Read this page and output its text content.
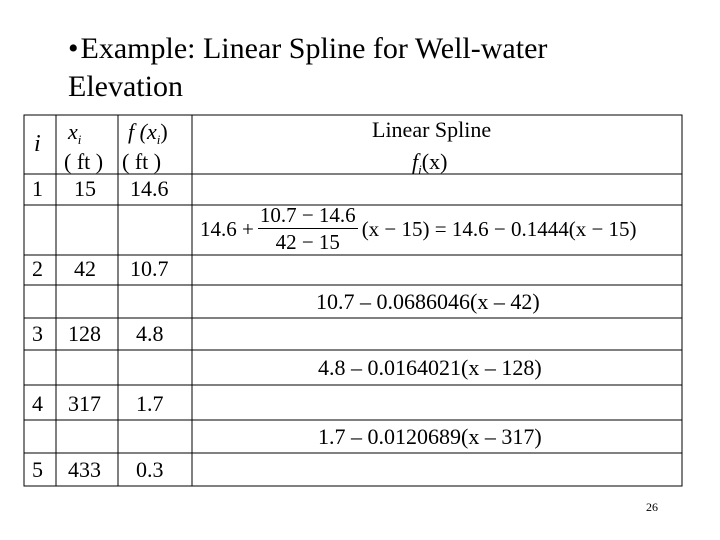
•Example: Linear Spline for Well-water
Elevation
i $x_i$
( ft )
f $(x_i)$
( ft )
Linear Spline
$f_i(x)$
1 15 14.6
2 42 10.7
3 128 4.8
4 317 1.7
5 433 0.3
$14.6 + \frac{10.7 - 14.6}{42 - 15} (x - 15) = 14.6 - 0.1444(x - 15)$
10.7 – 0.0686046(x – 42)
4.8 – 0.0164021(x – 128)
1.7 – 0.0120689(x – 317)
26
